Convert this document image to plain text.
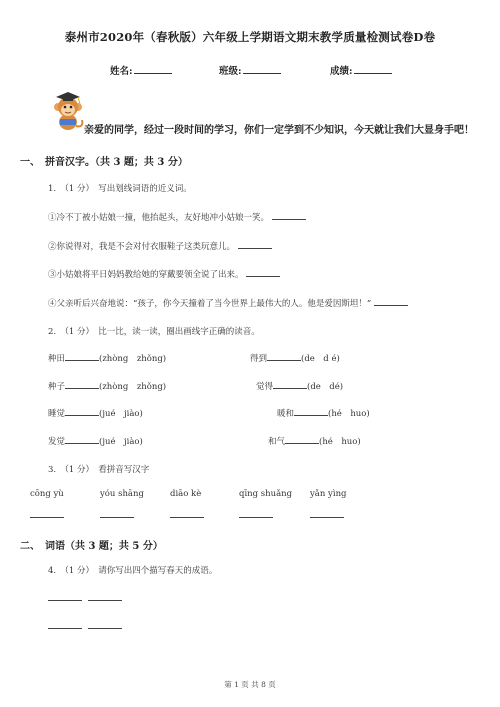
泰州市2020年（春秋版）六年级上学期语文期末教学质量检测试卷D卷
姓名:	班级:	成绩:
亲爱的同学，经过一段时间的学习，你们一定学到不少知识，今天就让我们大显身手吧！
一、　拼音汉字。（共 3 题；共 3 分）
1.　（1 分）　写出划线词语的近义词。
①冷不丁被小姑娘一撞，他抬起头，友好地冲小姑娘一笑。
②你说得对，我是不会对付衣服鞋子这类玩意儿。
③小姑娘将平日妈妈教给她的穿戴要领全说了出来。
④父亲听后兴奋地说：“孩子，你今天撞着了当今世界上最伟大的人。他是爱因斯坦！”
2.　（1 分）　比一比，读一读，圈出画线字正确的读音。
种田	(zhòng　zhǒng)	得到	(de　d é)
种子	(zhòng　zhǒng)	觉得	(de　dé)
睡觉	(jué　jiào)	暖和	(hé　huo)
发觉	(jué　jiào)	和气	(hé　huo)
3.　（1 分）　看拼音写汉字
cōng yù	yóu shāng	diāo kè	qīng shuǎng yǎn yìng
二、　词语（共 3 题；共 5 分）
4.　（1 分）　请你写出四个描写春天的成语。
第 1 页 共 8 页
